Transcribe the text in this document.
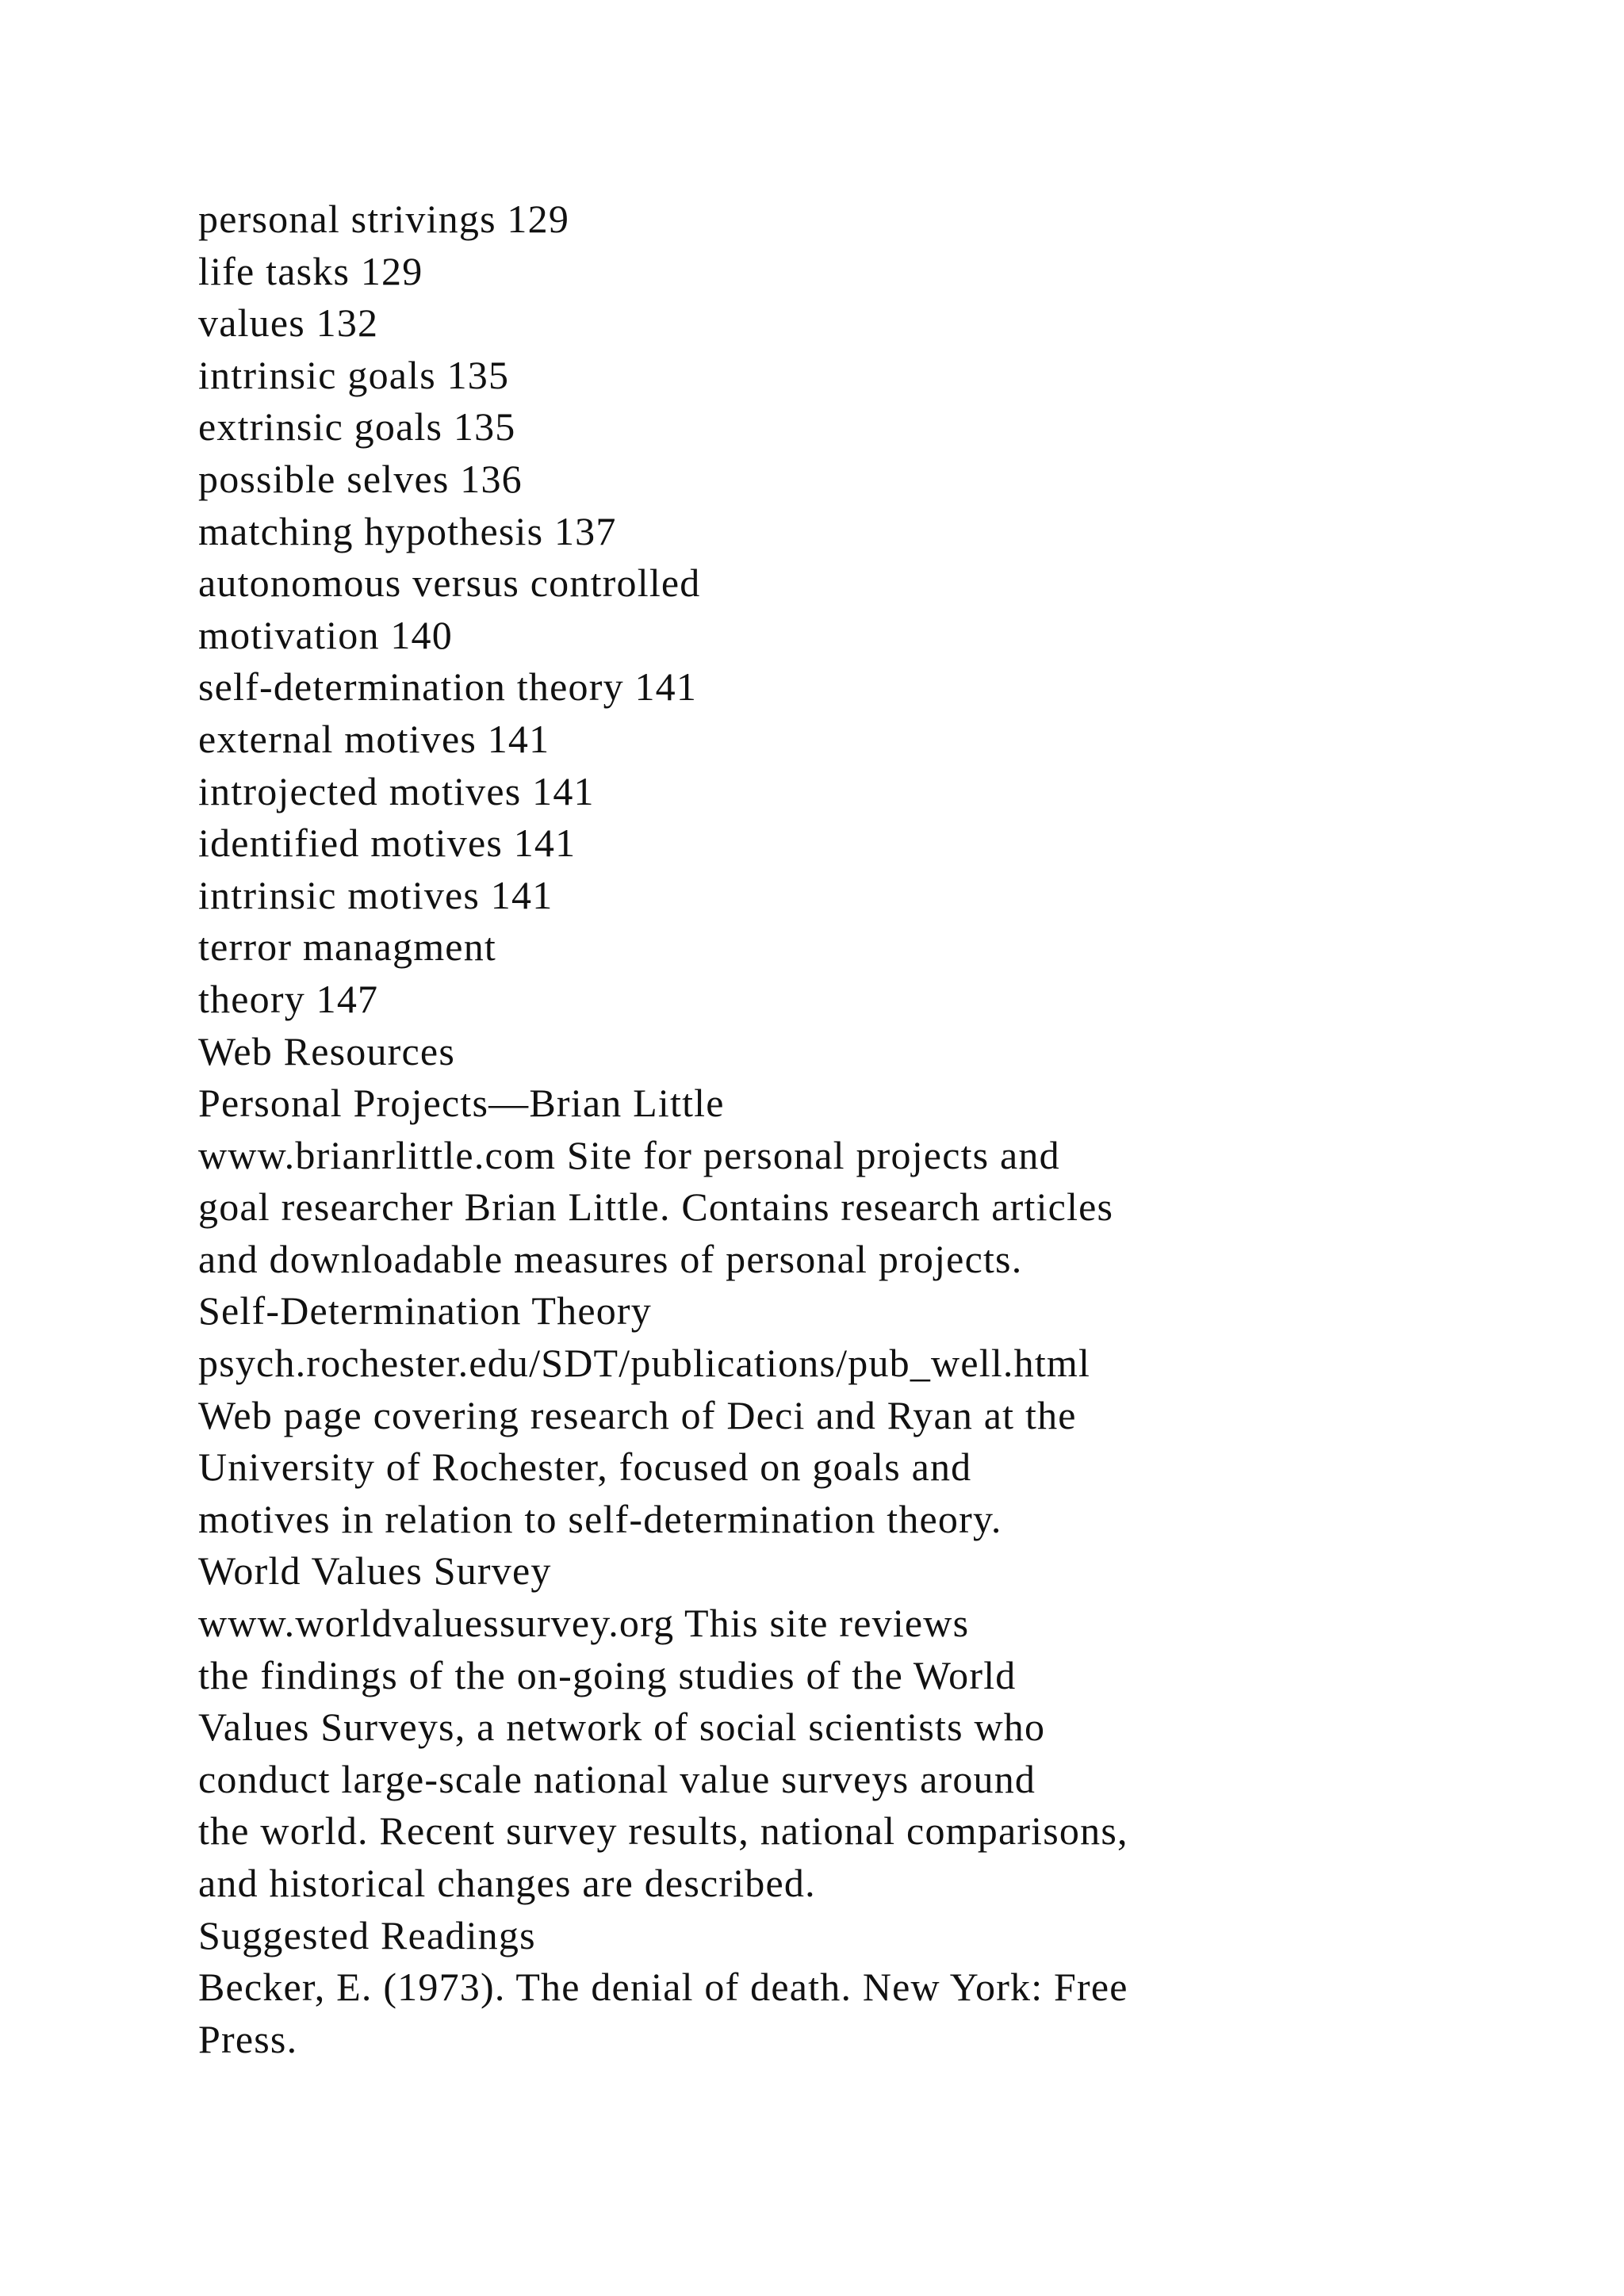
personal strivings 129
life tasks 129
values 132
intrinsic goals 135
extrinsic goals 135
possible selves 136
matching hypothesis 137
autonomous versus controlled
motivation 140
self-determination theory 141
external motives 141
introjected motives 141
identified motives 141
intrinsic motives 141
terror managment
theory 147
Web Resources
Personal Projects—Brian Little
www.brianrlittle.com Site for personal projects and
goal researcher Brian Little. Contains research articles
and downloadable measures of personal projects.
Self-Determination Theory
psych.rochester.edu/SDT/publications/pub_well.html
Web page covering research of Deci and Ryan at the
University of Rochester, focused on goals and
motives in relation to self-determination theory.
World Values Survey
www.worldvaluessurvey.org This site reviews
the findings of the on-going studies of the World
Values Surveys, a network of social scientists who
conduct large-scale national value surveys around
the world. Recent survey results, national comparisons,
and historical changes are described.
Suggested Readings
Becker, E. (1973). The denial of death. New York: Free
Press.
